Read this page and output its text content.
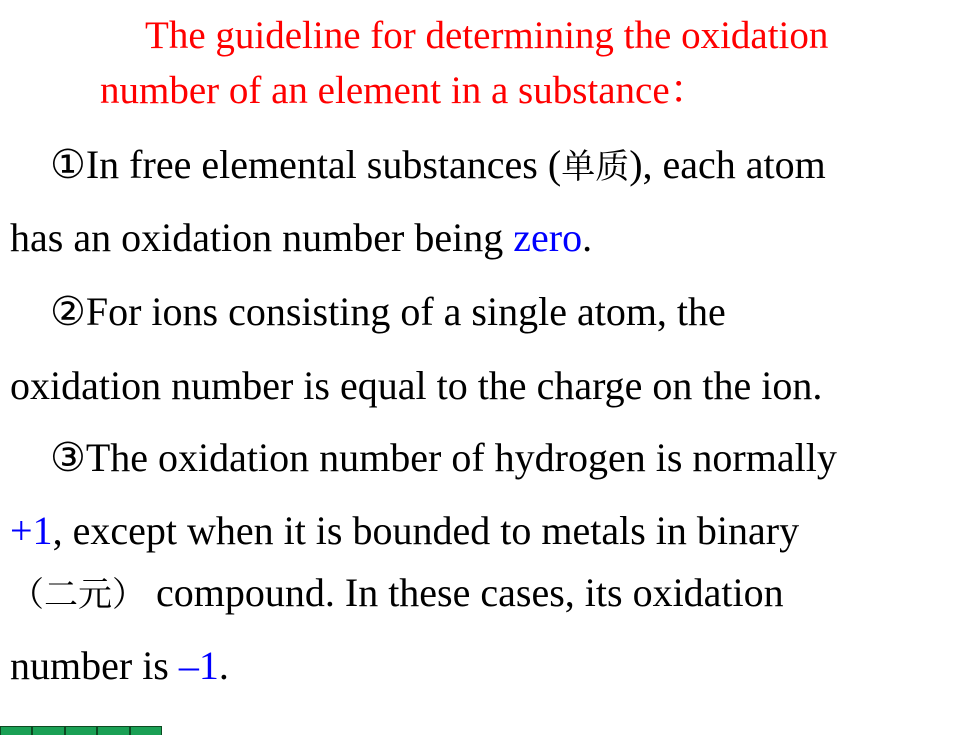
The guideline for determining the oxidation
number of an element in a substance：
①In free elemental substances (单质), each atom
has an oxidation number being zero.
②For ions consisting of a single atom, the
oxidation number is equal to the charge on the ion.
③The oxidation number of hydrogen is normally
+1, except when it is bounded to metals in binary
（二元） compound. In these cases, its oxidation
number is –1.
